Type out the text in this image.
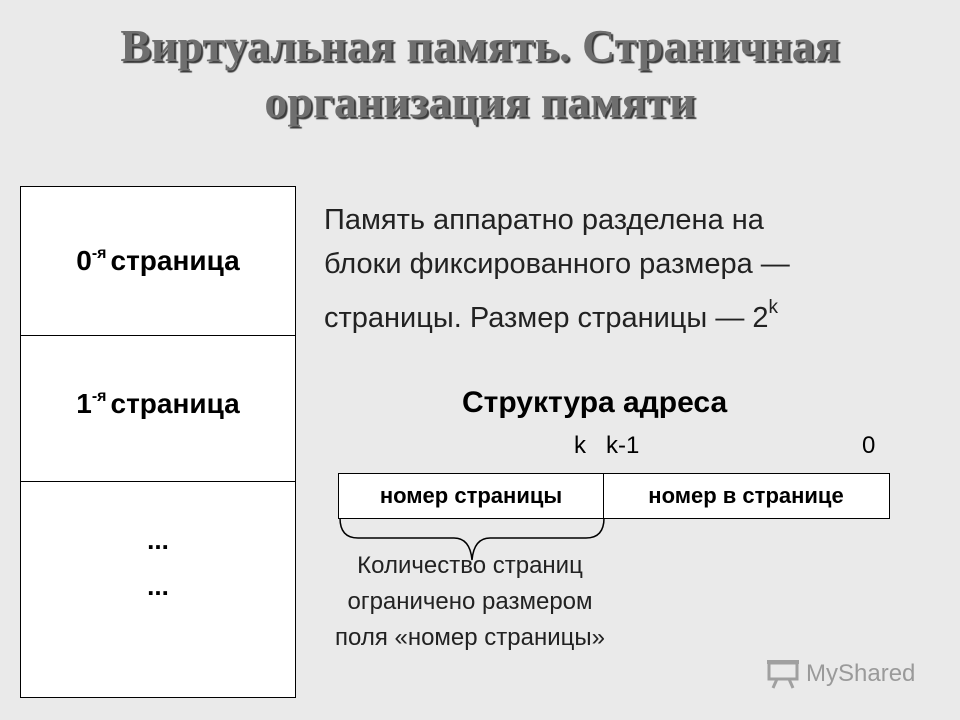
Виртуальная память. Страничная
организация памяти
$0^{-я}$ страница
$1^{-я}$ страница
...
...
Память аппаратно разделена на
блоки фиксированного размера —
страницы. Размер страницы — 2$^k$
Структура адреса
k k-1	0
номер страницы	номер в странице
Количество страниц
ограничено размером
поля «номер страницы»
MyShared
